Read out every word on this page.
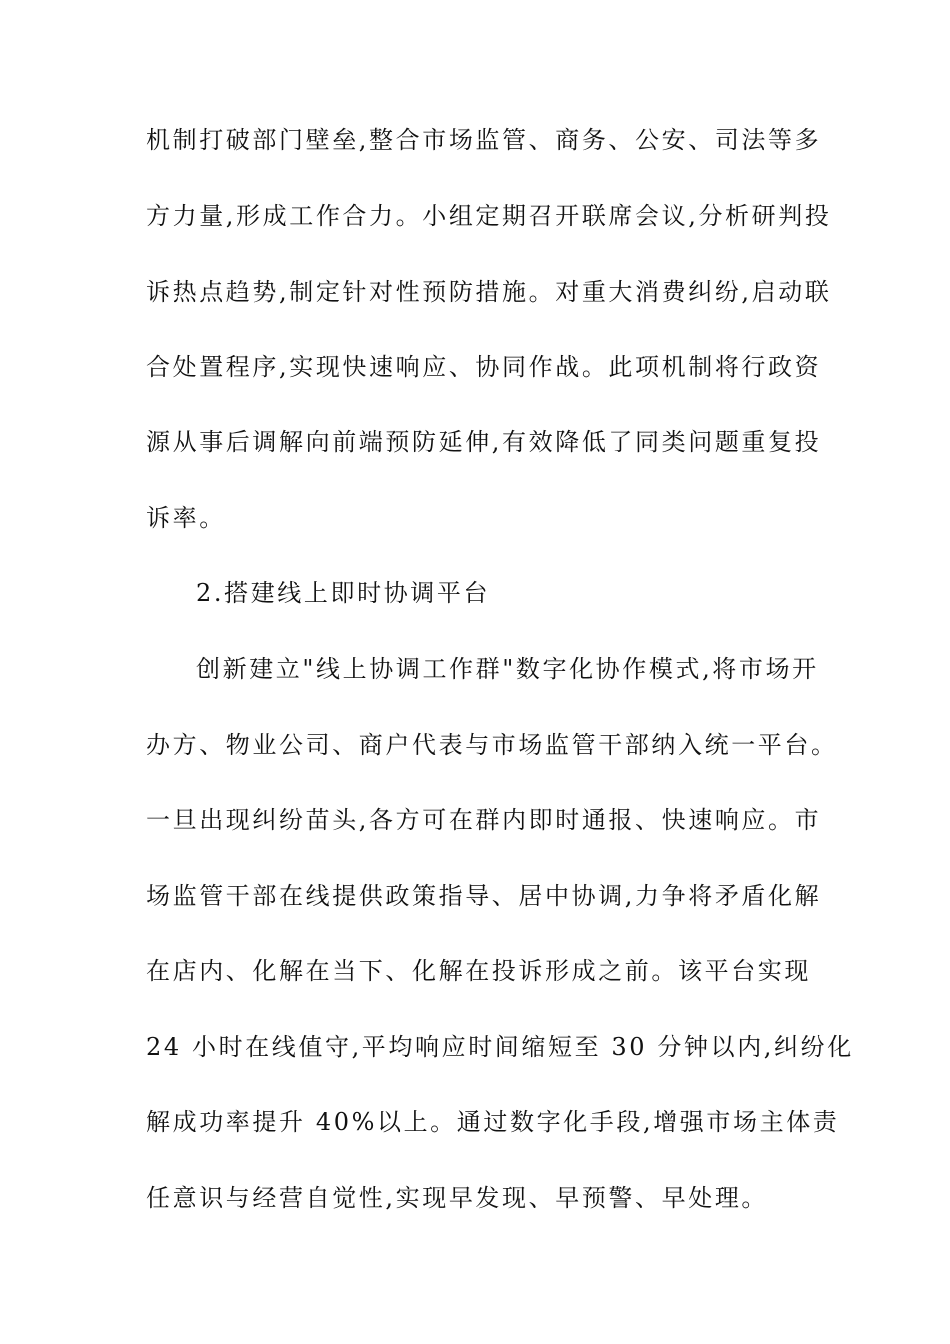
机制打破部门壁垒,整合市场监管、商务、公安、司法等多
方力量,形成工作合力。小组定期召开联席会议,分析研判投
诉热点趋势,制定针对性预防措施。对重大消费纠纷,启动联
合处置程序,实现快速响应、协同作战。此项机制将行政资
源从事后调解向前端预防延伸,有效降低了同类问题重复投
诉率。
2.搭建线上即时协调平台
创新建立"线上协调工作群"数字化协作模式,将市场开
办方、物业公司、商户代表与市场监管干部纳入统一平台。
一旦出现纠纷苗头,各方可在群内即时通报、快速响应。市
场监管干部在线提供政策指导、居中协调,力争将矛盾化解
在店内、化解在当下、化解在投诉形成之前。该平台实现
24 小时在线值守,平均响应时间缩短至 30 分钟以内,纠纷化
解成功率提升 40%以上。通过数字化手段,增强市场主体责
任意识与经营自觉性,实现早发现、早预警、早处理。
